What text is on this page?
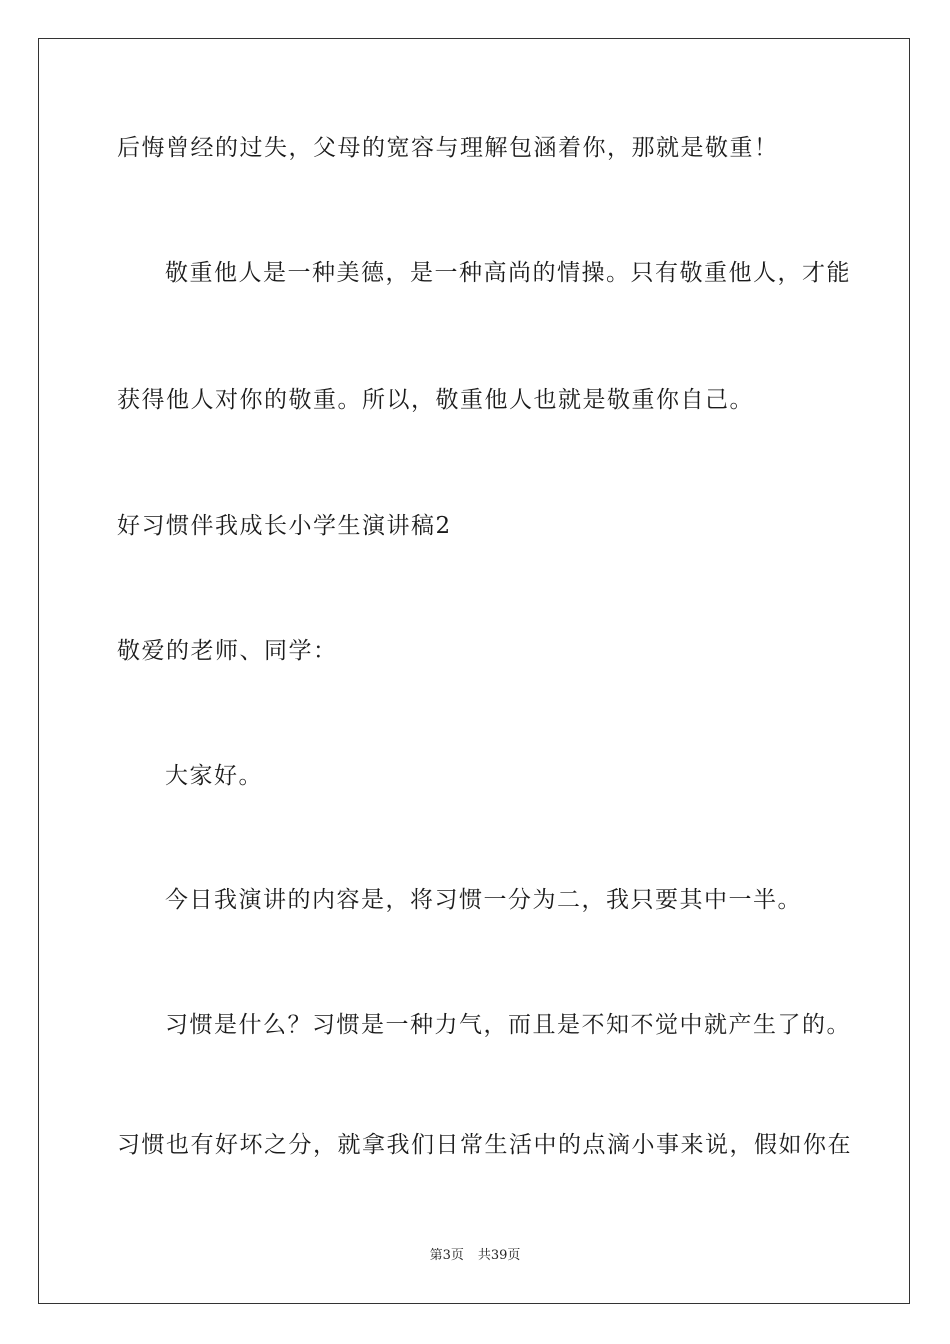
后悔曾经的过失，父母的宽容与理解包涵着你，那就是敬重！
敬重他人是一种美德，是一种高尚的情操。只有敬重他人，才能
获得他人对你的敬重。所以，敬重他人也就是敬重你自己。
好习惯伴我成长小学生演讲稿2
敬爱的老师、同学：
大家好。
今日我演讲的内容是，将习惯一分为二，我只要其中一半。
习惯是什么？习惯是一种力气，而且是不知不觉中就产生了的。
习惯也有好坏之分，就拿我们日常生活中的点滴小事来说，假如你在
第3页 共39页
